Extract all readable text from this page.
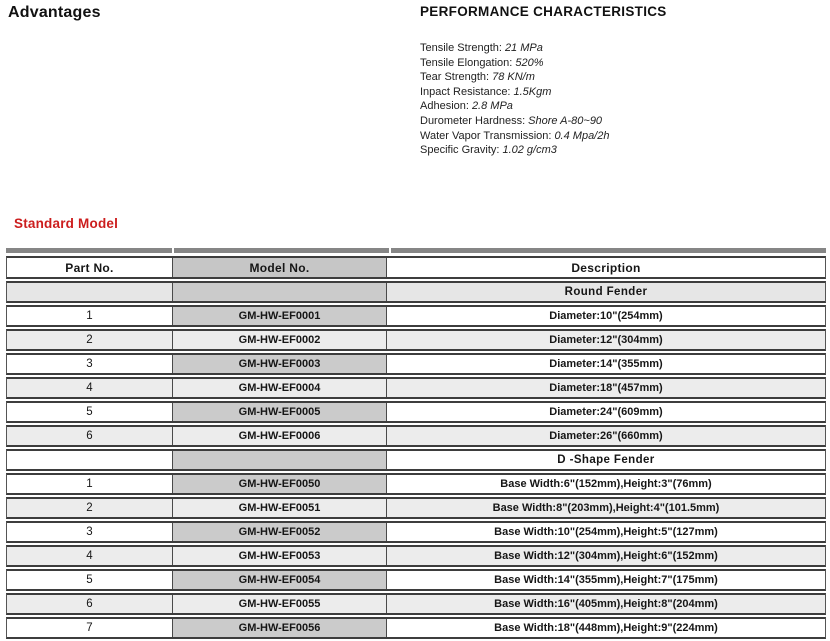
Advantages	PERFORMANCE CHARACTERISTICS
Tensile Strength: 21 MPa
Tensile Elongation: 520%
Tear Strength: 78 KN/m
Inpact Resistance: 1.5Kgm
Adhesion: 2.8 MPa
Durometer Hardness: Shore A-80~90
Water Vapor Transmission: 0.4 Mpa/2h
Specific Gravity: 1.02 g/cm3
Standard Model
Part No.	Model No.	Description
Round Fender
1	GM-HW-EF0001	Diameter:10"(254mm)
2	GM-HW-EF0002	Diameter:12"(304mm)
3	GM-HW-EF0003	Diameter:14"(355mm)
4	GM-HW-EF0004	Diameter:18"(457mm)
5	GM-HW-EF0005	Diameter:24"(609mm)
6	GM-HW-EF0006	Diameter:26"(660mm)
D -Shape Fender
1	GM-HW-EF0050	Base Width:6"(152mm),Height:3"(76mm)
2	GM-HW-EF0051	Base Width:8"(203mm),Height:4"(101.5mm)
3	GM-HW-EF0052	Base Width:10"(254mm),Height:5"(127mm)
4	GM-HW-EF0053	Base Width:12"(304mm),Height:6"(152mm)
5	GM-HW-EF0054	Base Width:14"(355mm),Height:7"(175mm)
6	GM-HW-EF0055	Base Width:16"(405mm),Height:8"(204mm)
7	GM-HW-EF0056	Base Width:18"(448mm),Height:9"(224mm)
